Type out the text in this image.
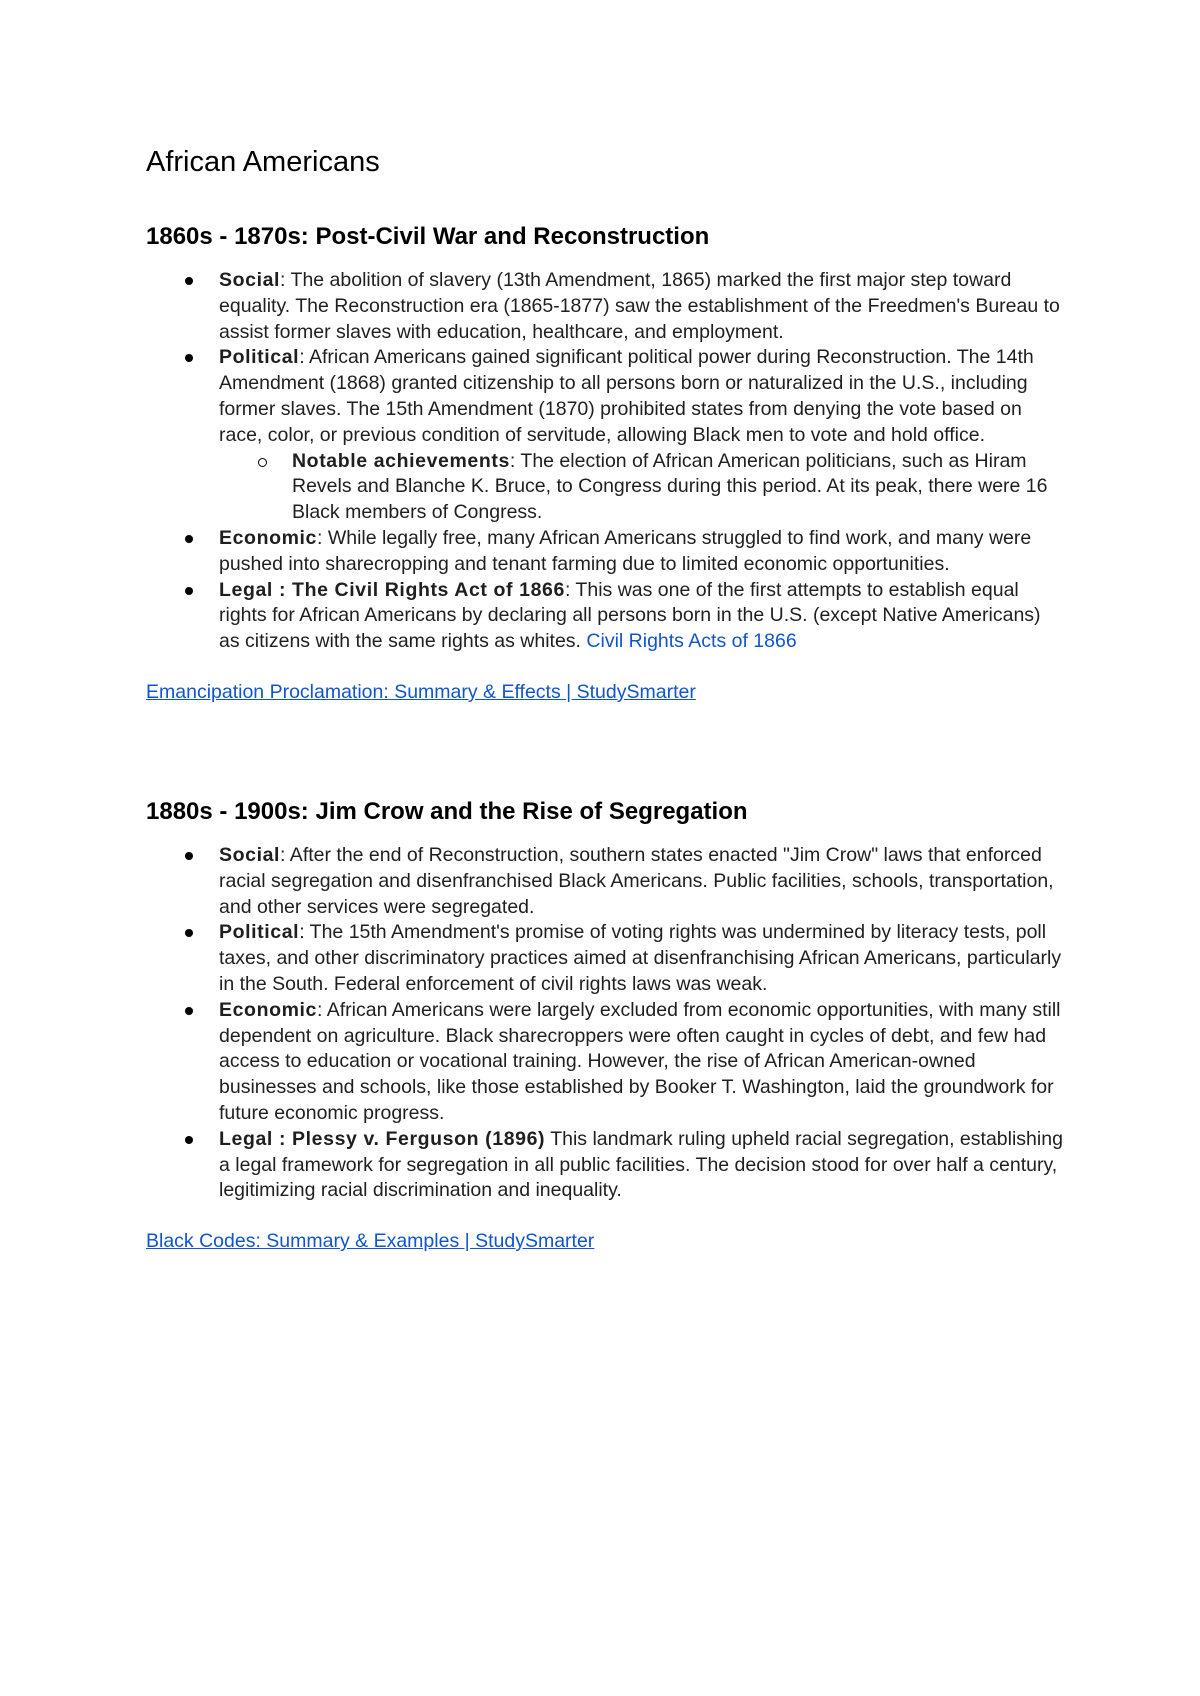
African Americans
1860s - 1870s: Post-Civil War and Reconstruction
Social: The abolition of slavery (13th Amendment, 1865) marked the first major step toward equality. The Reconstruction era (1865-1877) saw the establishment of the Freedmen's Bureau to assist former slaves with education, healthcare, and employment.
Political: African Americans gained significant political power during Reconstruction. The 14th Amendment (1868) granted citizenship to all persons born or naturalized in the U.S., including former slaves. The 15th Amendment (1870) prohibited states from denying the vote based on race, color, or previous condition of servitude, allowing Black men to vote and hold office.
Notable achievements: The election of African American politicians, such as Hiram Revels and Blanche K. Bruce, to Congress during this period. At its peak, there were 16 Black members of Congress.
Economic: While legally free, many African Americans struggled to find work, and many were pushed into sharecropping and tenant farming due to limited economic opportunities.
Legal : The Civil Rights Act of 1866: This was one of the first attempts to establish equal rights for African Americans by declaring all persons born in the U.S. (except Native Americans) as citizens with the same rights as whites. Civil Rights Acts of 1866
Emancipation Proclamation: Summary & Effects | StudySmarter
1880s - 1900s: Jim Crow and the Rise of Segregation
Social: After the end of Reconstruction, southern states enacted "Jim Crow" laws that enforced racial segregation and disenfranchised Black Americans. Public facilities, schools, transportation, and other services were segregated.
Political: The 15th Amendment's promise of voting rights was undermined by literacy tests, poll taxes, and other discriminatory practices aimed at disenfranchising African Americans, particularly in the South. Federal enforcement of civil rights laws was weak.
Economic: African Americans were largely excluded from economic opportunities, with many still dependent on agriculture. Black sharecroppers were often caught in cycles of debt, and few had access to education or vocational training. However, the rise of African American-owned businesses and schools, like those established by Booker T. Washington, laid the groundwork for future economic progress.
Legal : Plessy v. Ferguson (1896) This landmark ruling upheld racial segregation, establishing a legal framework for segregation in all public facilities. The decision stood for over half a century, legitimizing racial discrimination and inequality.
Black Codes: Summary & Examples | StudySmarter
